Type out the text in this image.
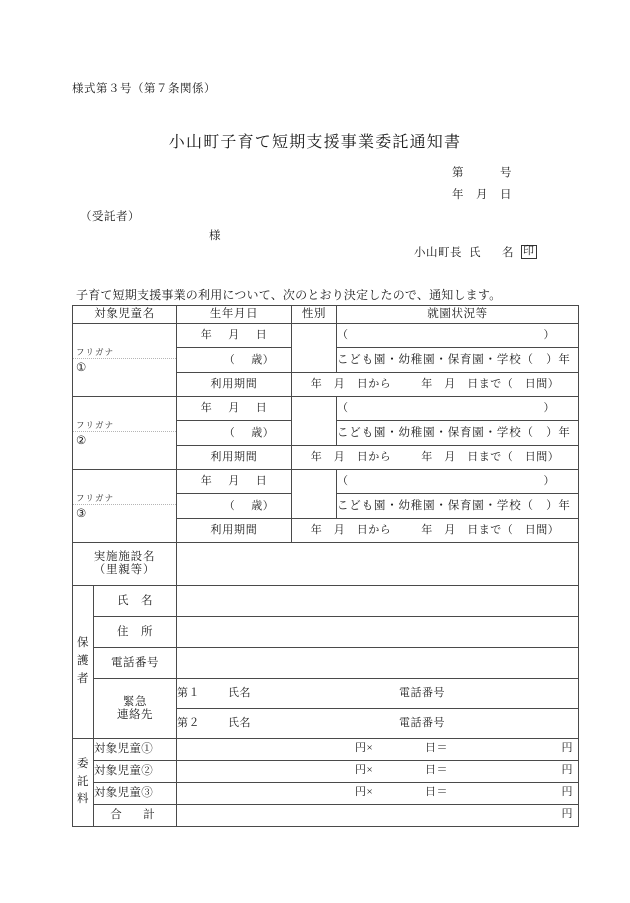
様式第３号（第７条関係）
小山町子育て短期支援事業委託通知書
第　　　号
年　月　日
（受託者）
様
小山町長 氏 名 印
子育て短期支援事業の利用について、次のとおり決定したので、通知します。
対象児童名		生年月日	性別	就園状況等

フリガナ
①		年 月 日		（ ）
		（ 歳）		こども園・幼稚園・保育園・学校（　）年
		利用期間	年　月　日から 年　月　日まで（　日間）	

フリガナ
②		年 月 日		（ ）
		（ 歳）		こども園・幼稚園・保育園・学校（　）年
		利用期間	年　月　日から 年　月　日まで（　日間）	

フリガナ
③		年 月 日		（ ）
		（ 歳）		こども園・幼稚園・保育園・学校（　）年
		利用期間	年　月　日から 年　月　日まで（　日間）	

実施施設名
（里親等）				

保
護
者	氏　名			
	住　所			
	電話番号			

	緊急
連絡先	第１ 氏名 電話番号		
		第２ 氏名 電話番号		

委
託
料	対象児童①	円× 日＝ 円		

	対象児童②	円× 日＝ 円		

	対象児童③	円× 日＝ 円		

	合　計	円		
